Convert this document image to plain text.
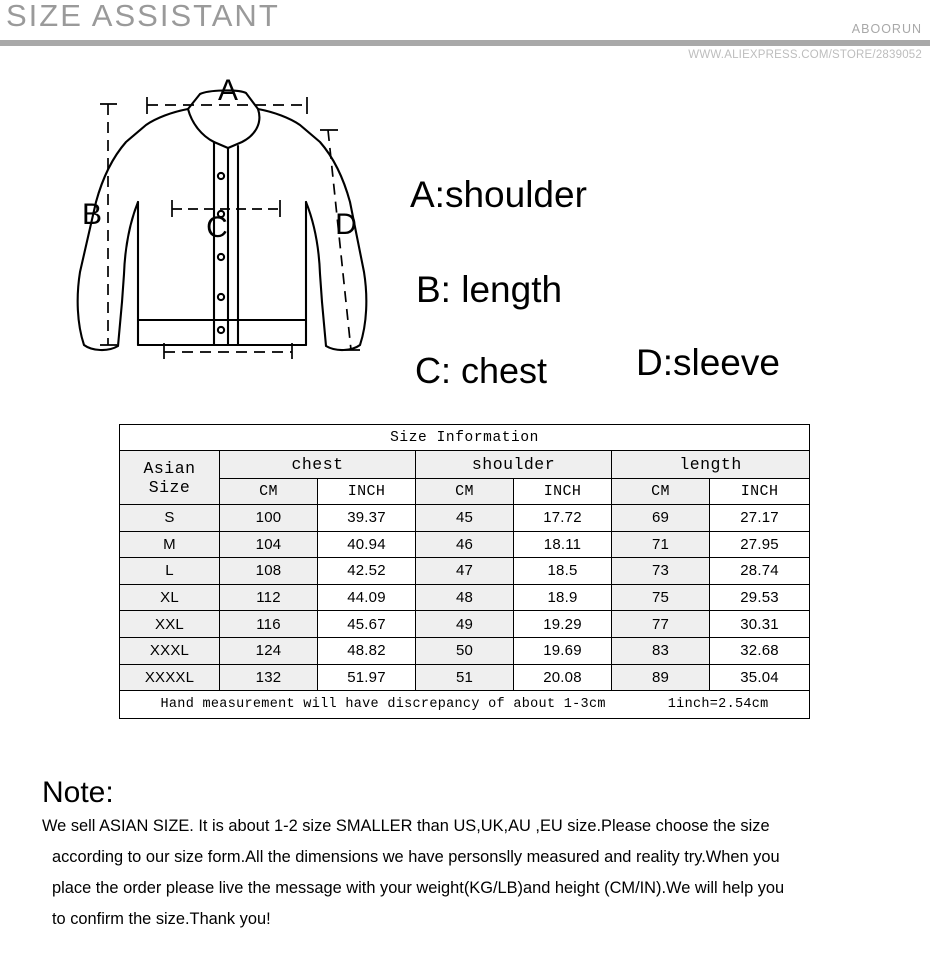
SIZE ASSISTANT	ABOORUN
WWW.ALIEXPRESS.COM/STORE/2839052
A
B	C	D
A:shoulder
B: length
C: chest D:sleeve
Size Information						

Asian
Size	chest		shoulder		length	
	CM	INCH	CM	INCH	CM	INCH
S	100	39.37	45	17.72	69	27.17
M	104	40.94	46	18.11	71	27.95
L	108	42.52	47	18.5	73	28.74
XL	112	44.09	48	18.9	75	29.53
XXL	116	45.67	49	19.29	77	30.31
XXXL	124	48.82	50	19.69	83	32.68
XXXXL	132	51.97	51	20.08	89	35.04

Hand measurement will have discrepancy of about 1-3cm 1inch=2.54cm						
Note:
We sell ASIAN SIZE. It is about 1-2 size SMALLER than US,UK,AU ,EU size.Please choose the size
according to our size form.All the dimensions we have personslly measured and reality try.When you
place the order please live the message with your weight(KG/LB)and height (CM/IN).We will help you
to confirm the size.Thank you!
